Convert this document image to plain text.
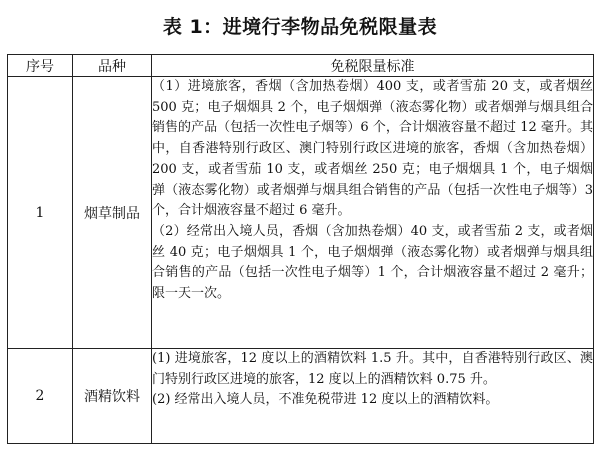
表 1：进境行李物品免税限量表
序号	品种	免税限量标准
1	烟草制品	（1）进境旅客，香烟（含加热卷烟）400 支，或者雪茄 20 支，或者烟丝 500 克；电子烟烟具 2 个，电子烟烟弹（液态雾化物）或者烟弹与烟具组合销售的产品（包括一次性电子烟等）6 个，合计烟液容量不超过 12 毫升。其中，自香港特别行政区、澳门特别行政区进境的旅客，香烟（含加热卷烟）200 支，或者雪茄 10 支，或者烟丝 250 克；电子烟烟具 1 个，电子烟烟弹（液态雾化物）或者烟弹与烟具组合销售的产品（包括一次性电子烟等）3 个，合计烟液容量不超过 6 毫升。

（2）经常出入境人员，香烟（含加热卷烟）40 支，或者雪茄 2 支，或者烟丝 40 克；电子烟烟具 1 个，电子烟烟弹（液态雾化物）或者烟弹与烟具组合销售的产品（包括一次性电子烟等）1 个，合计烟液容量不超过 2 毫升；限一天一次。

2	酒精饮料	(1) 进境旅客，12 度以上的酒精饮料 1.5 升。其中，自香港特别行政区、澳门特别行政区进境的旅客，12 度以上的酒精饮料 0.75 升。

(2) 经常出入境人员，不准免税带进 12 度以上的酒精饮料。
